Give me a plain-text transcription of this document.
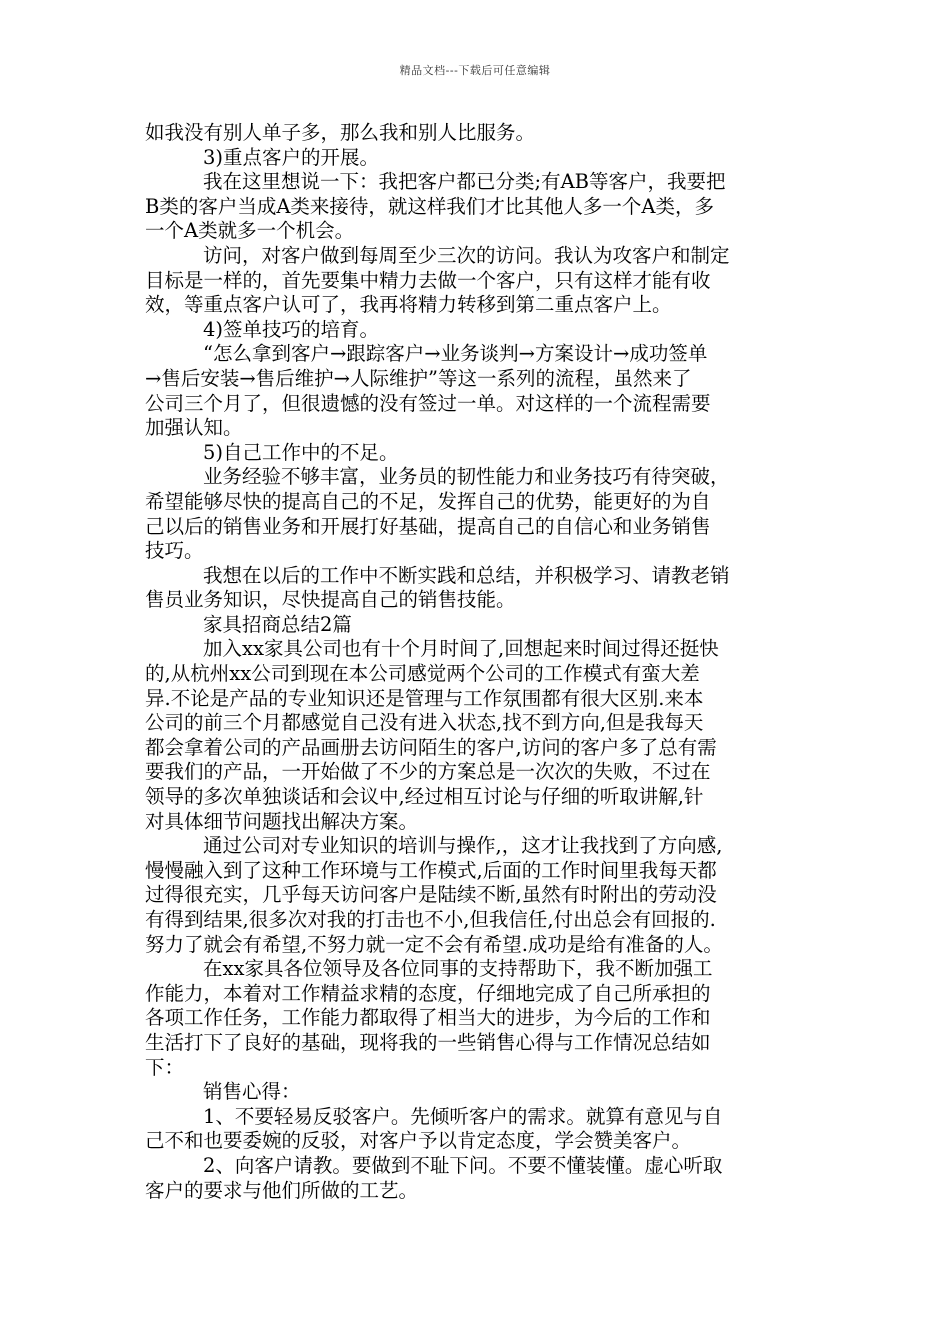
精品文档---下载后可任意编辑
如我没有别人单子多，那么我和别人比服务。
3)重点客户的开展。
我在这里想说一下：我把客户都已分类;有AB等客户，我要把
B类的客户当成A类来接待，就这样我们才比其他人多一个A类，多
一个A类就多一个机会。
访问，对客户做到每周至少三次的访问。我认为攻客户和制定
目标是一样的，首先要集中精力去做一个客户，只有这样才能有收
效，等重点客户认可了，我再将精力转移到第二重点客户上。
4)签单技巧的培育。
“怎么拿到客户→跟踪客户→业务谈判→方案设计→成功签单
→售后安装→售后维护→人际维护”等这一系列的流程，虽然来了
公司三个月了，但很遗憾的没有签过一单。对这样的一个流程需要
加强认知。
5)自己工作中的不足。
业务经验不够丰富，业务员的韧性能力和业务技巧有待突破，
希望能够尽快的提高自己的不足，发挥自己的优势，能更好的为自
己以后的销售业务和开展打好基础，提高自己的自信心和业务销售
技巧。
我想在以后的工作中不断实践和总结，并积极学习、请教老销
售员业务知识，尽快提高自己的销售技能。
家具招商总结2篇
加入xx家具公司也有十个月时间了,回想起来时间过得还挺快
的,从杭州xx公司到现在本公司感觉两个公司的工作模式有蛮大差
异.不论是产品的专业知识还是管理与工作氛围都有很大区别.来本
公司的前三个月都感觉自己没有进入状态,找不到方向,但是我每天
都会拿着公司的产品画册去访问陌生的客户,访问的客户多了总有需
要我们的产品，一开始做了不少的方案总是一次次的失败，不过在
领导的多次单独谈话和会议中,经过相互讨论与仔细的听取讲解,针
对具体细节问题找出解决方案。
通过公司对专业知识的培训与操作,，这才让我找到了方向感,
慢慢融入到了这种工作环境与工作模式,后面的工作时间里我每天都
过得很充实，几乎每天访问客户是陆续不断,虽然有时附出的劳动没
有得到结果,很多次对我的打击也不小,但我信任,付出总会有回报的.
努力了就会有希望,不努力就一定不会有希望.成功是给有准备的人。
在xx家具各位领导及各位同事的支持帮助下，我不断加强工
作能力，本着对工作精益求精的态度，仔细地完成了自己所承担的
各项工作任务，工作能力都取得了相当大的进步，为今后的工作和
生活打下了良好的基础，现将我的一些销售心得与工作情况总结如
下：
销售心得：
1、不要轻易反驳客户。先倾听客户的需求。就算有意见与自
己不和也要委婉的反驳，对客户予以肯定态度，学会赞美客户。
2、向客户请教。要做到不耻下问。不要不懂装懂。虚心听取
客户的要求与他们所做的工艺。
